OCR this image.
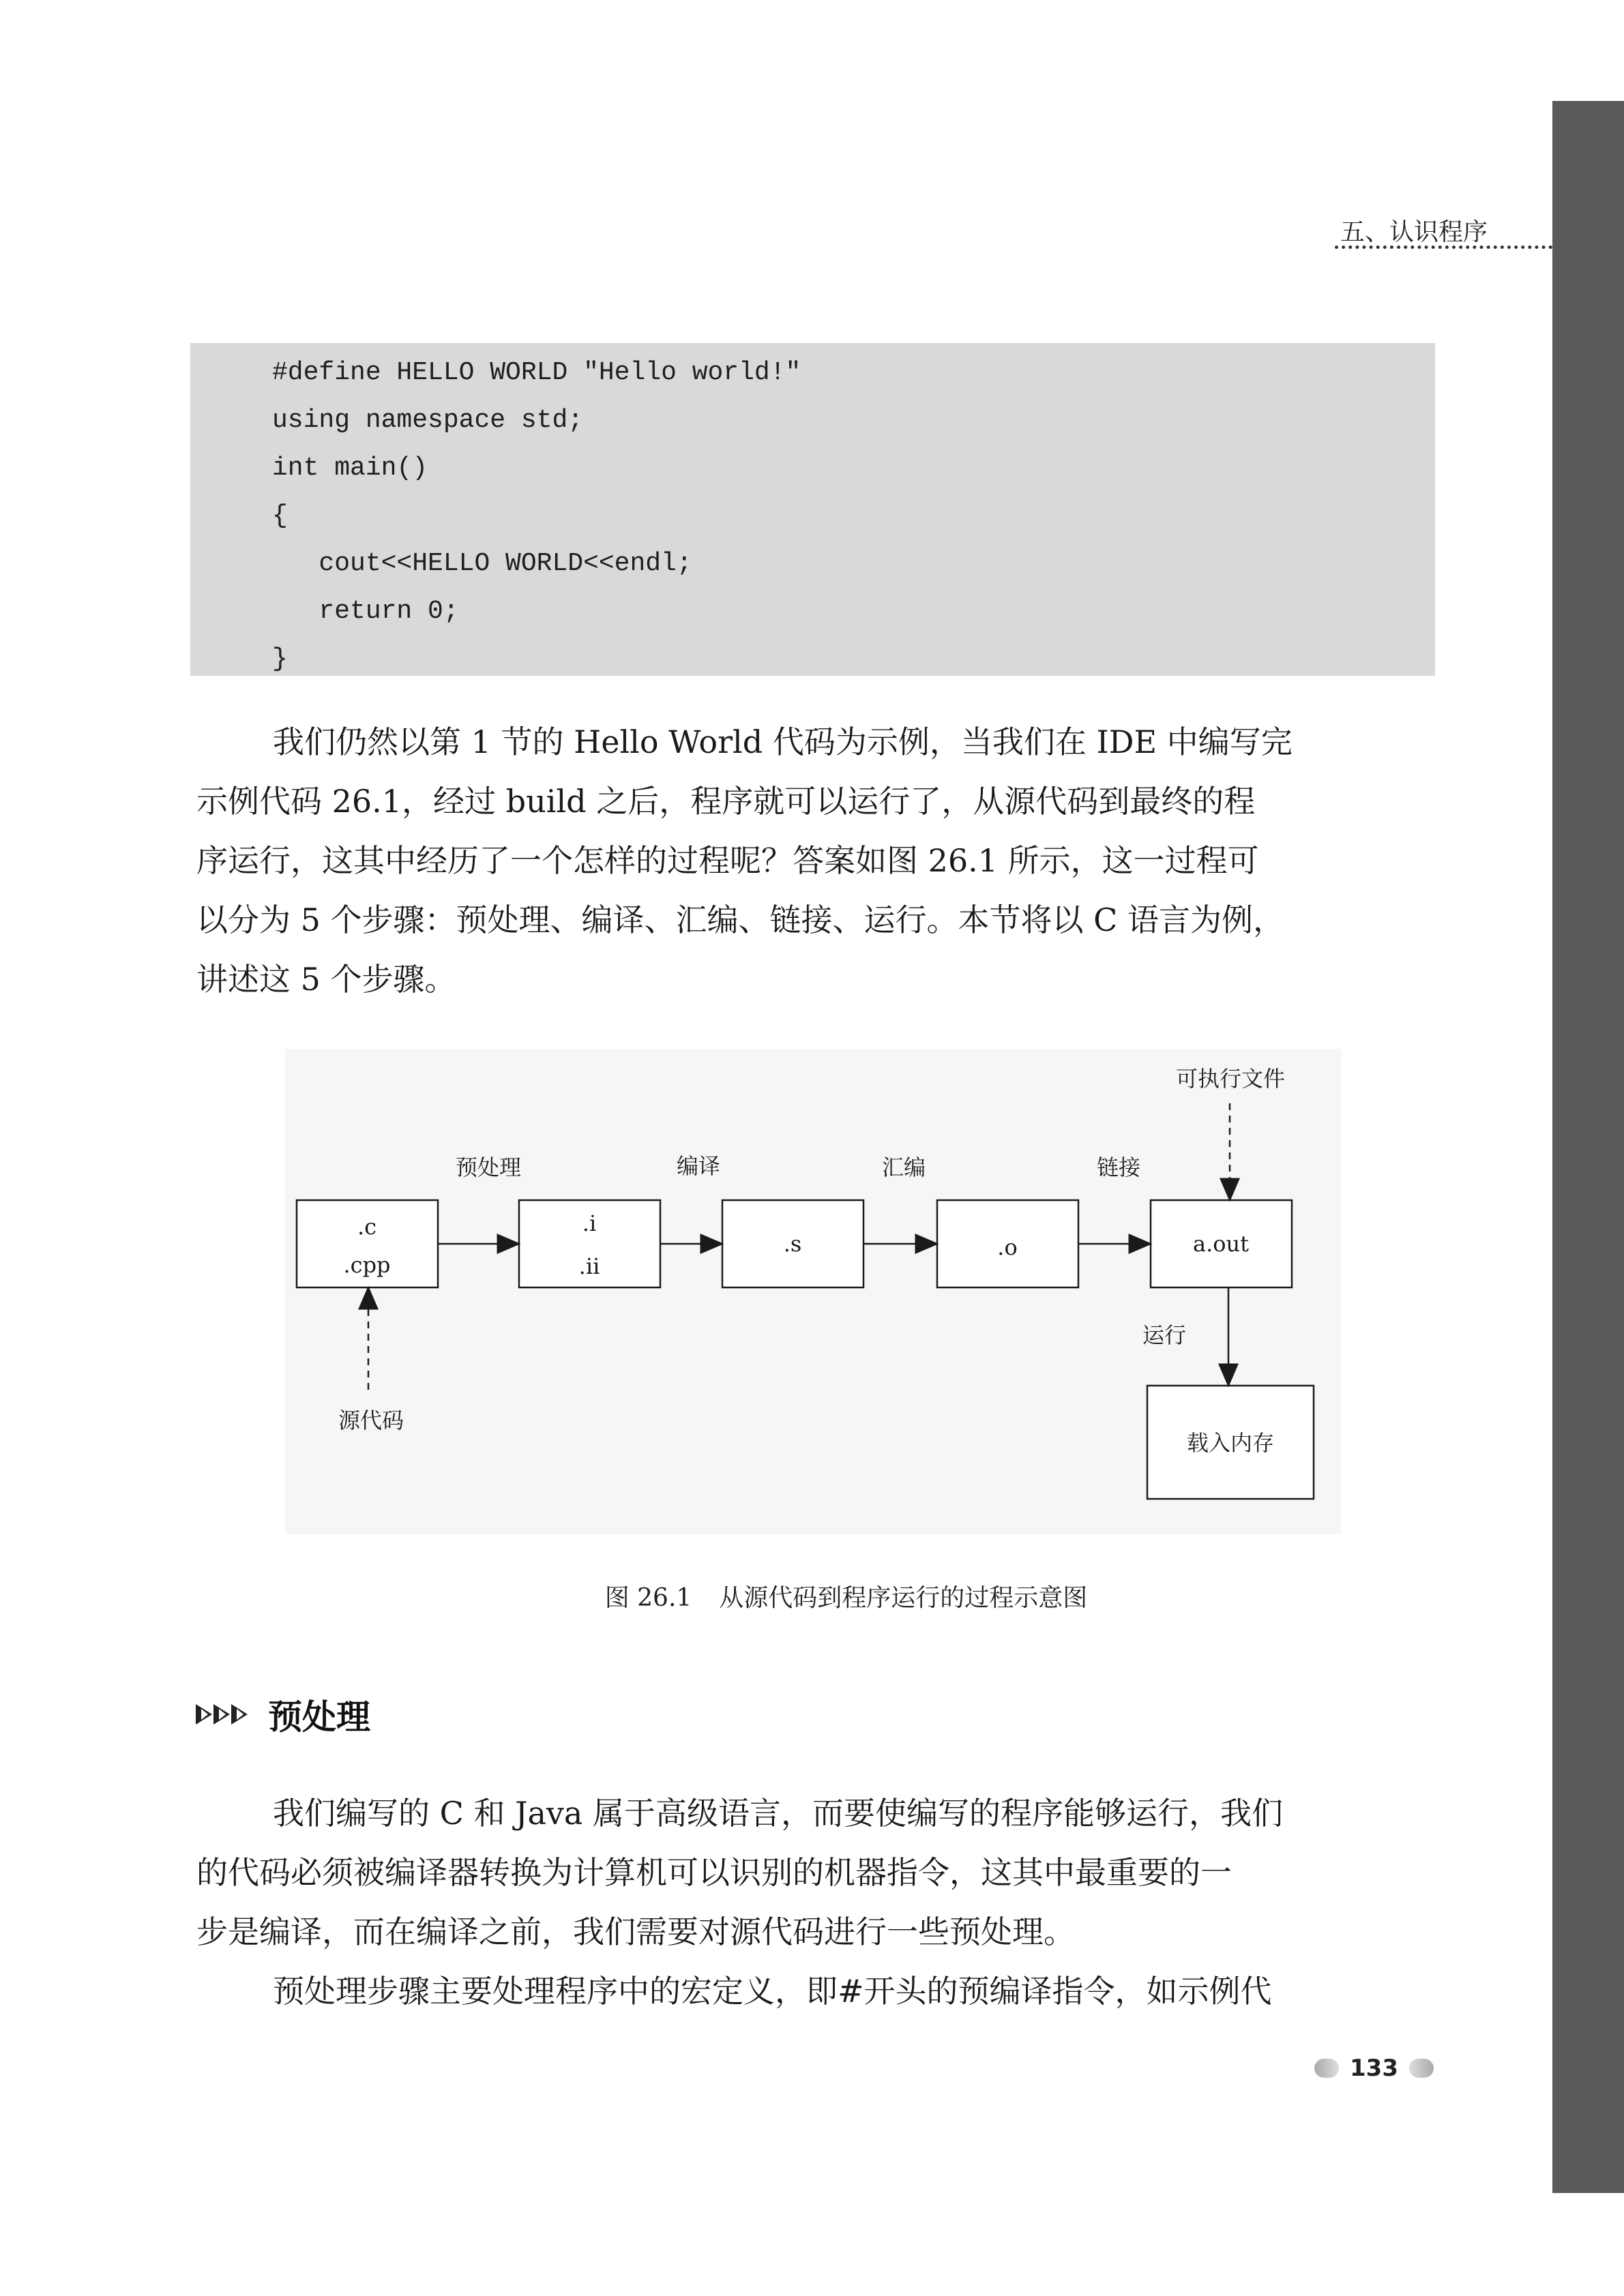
五、认识程序
#define HELLO WORLD "Hello world!"
using namespace std;
int main()
{
cout<<HELLO WORLD<<endl;
return 0;
}
我们仍然以第 1 节的 Hello World 代码为示例，当我们在 IDE 中编写完
示例代码 26.1，经过 build 之后，程序就可以运行了，从源代码到最终的程
序运行，这其中经历了一个怎样的过程呢？答案如图 26.1 所示，这一过程可
以分为 5 个步骤：预处理、编译、汇编、链接、运行。本节将以 C 语言为例，
讲述这 5 个步骤。
.c
.cpp
.i
.ii
.s	.o	a.out
载入内存
预处理	编译	汇编	链接
运行
源代码
可执行文件
图 26.1 从源代码到程序运行的过程示意图
预处理
我们编写的 C 和 Java 属于高级语言，而要使编写的程序能够运行，我们
的代码必须被编译器转换为计算机可以识别的机器指令，这其中最重要的一
步是编译，而在编译之前，我们需要对源代码进行一些预处理。
预处理步骤主要处理程序中的宏定义，即#开头的预编译指令，如示例代
133
